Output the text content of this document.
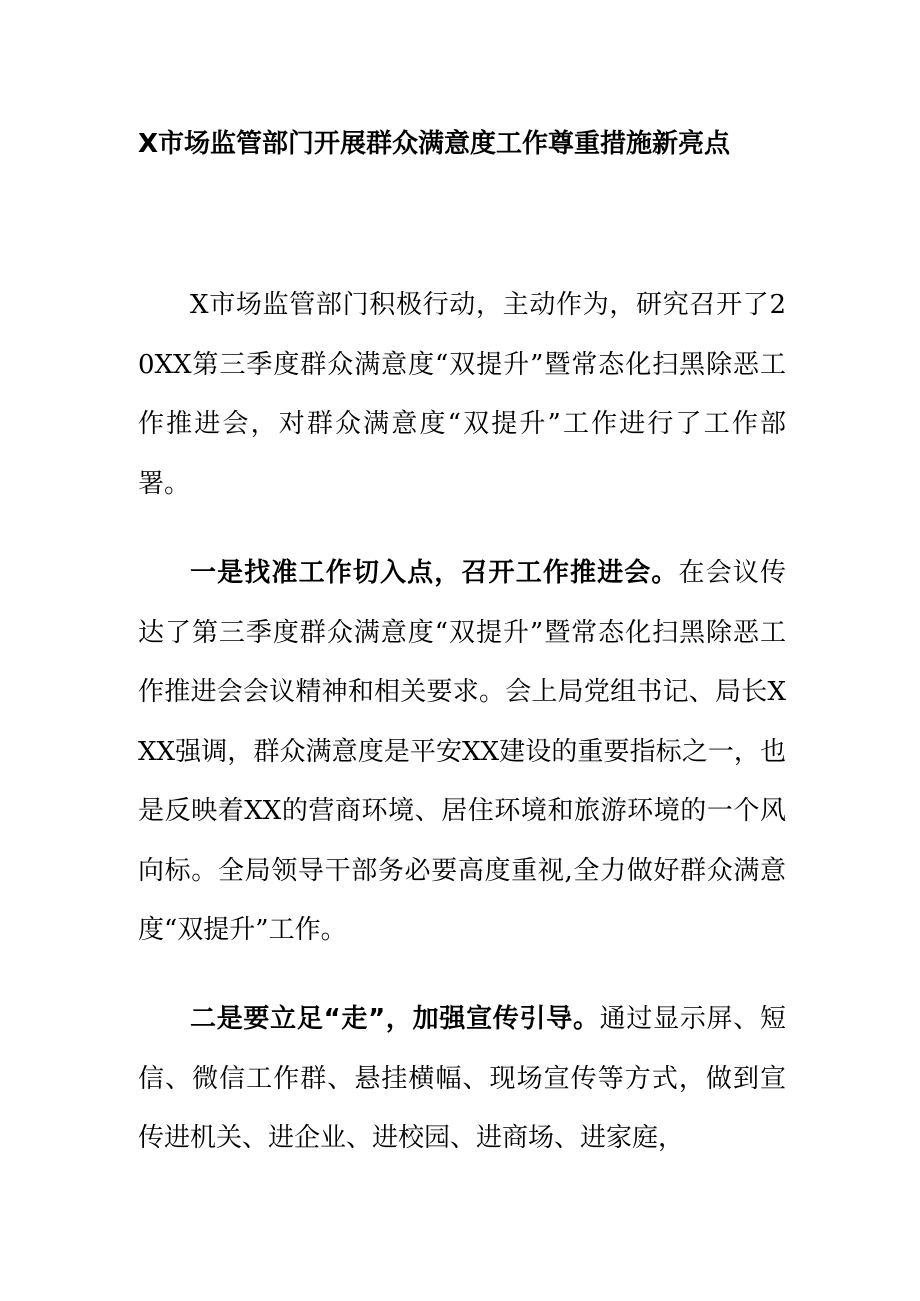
X市场监管部门开展群众满意度工作尊重措施新亮点

X市场监管部门积极行动，主动作为，研究召开了20XX第三季度群众满意度“双提升”暨常态化扫黑除恶工作推进会，对群众满意度“双提升”工作进行了工作部署。

一是找准工作切入点，召开工作推进会。在会议传达了第三季度群众满意度“双提升”暨常态化扫黑除恶工作推进会会议精神和相关要求。会上局党组书记、局长XXX强调，群众满意度是平安XX建设的重要指标之一，也是反映着XX的营商环境、居住环境和旅游环境的一个风向标。全局领导干部务必要高度重视,全力做好群众满意度“双提升”工作。

二是要立足“走”，加强宣传引导。通过显示屏、短信、微信工作群、悬挂横幅、现场宣传等方式，做到宣传进机关、进企业、进校园、进商场、进家庭，
